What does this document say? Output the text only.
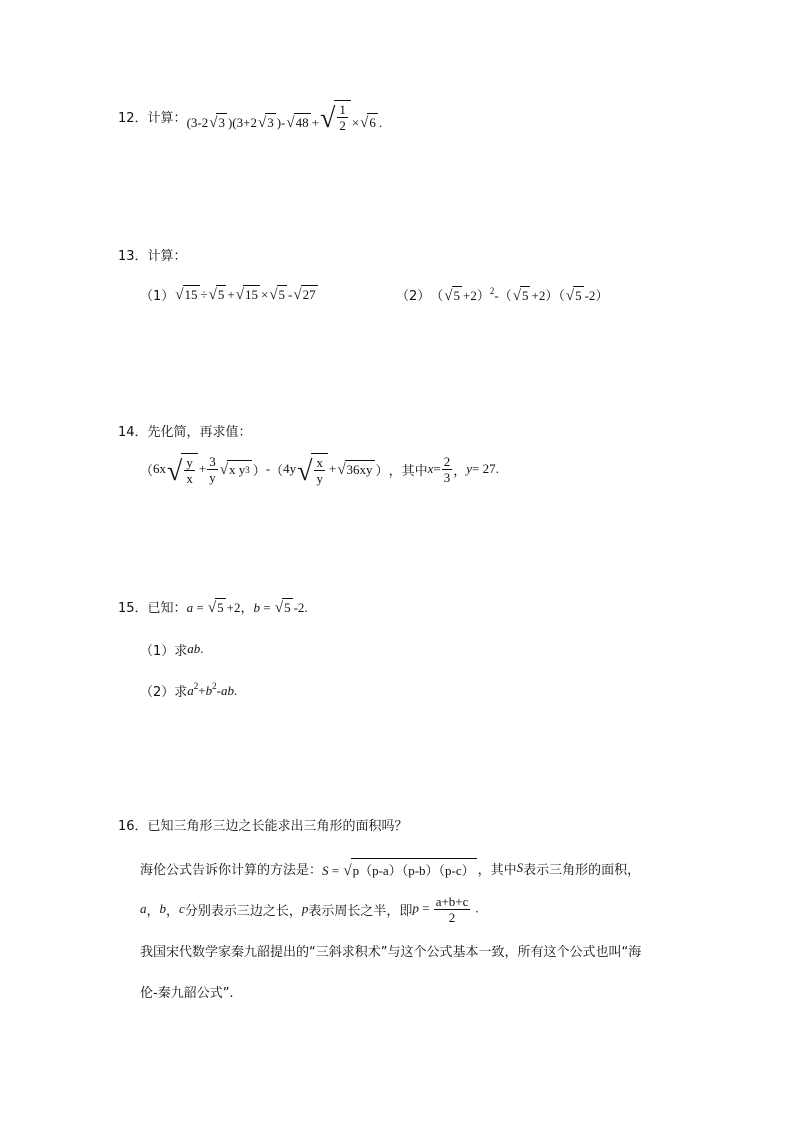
12． 计算： (3-2 √ 3 )(3+2 √ 3 )- √ 48 + √ $\frac{1}{2}$ × √ 6 .
13． 计算：
（1） √ 15 ÷ √ 5 + √ 15 × √ 5 - √ 27	（2） （ √ 5 +2）$^2$-（ √ 5 +2）（ √ 5 -2）
14． 先化简，再求值：
（ 6x √ $\frac{y}{x} + \frac{3}{y}$ √ x y 3 ） - （ 4y √ $\frac{x}{y}$ + √ 36xy ） ，其中 $x = \frac{2}{3}$ ， y = 27 .
15． 已知： a = √ 5 +2，b = √ 5 -2.
（1）求 ab .
（2）求 $a^2+b^2-ab$.
16． 已知三角形三边之长能求出三角形的面积吗？
海伦公式告诉你计算的方法是： S = √ p（p-a）（p-b）（p-c） ，其中 S 表示三角形的面积，
a ， b ， c 分别表示三边之长， p 表示周长之半，即 $p = \frac{a+b+c}{2}$ .
我国宋代数学家秦九韶提出的“三斜求积术”与这个公式基本一致，所有这个公式也叫“海
伦-秦九韶公式”.
